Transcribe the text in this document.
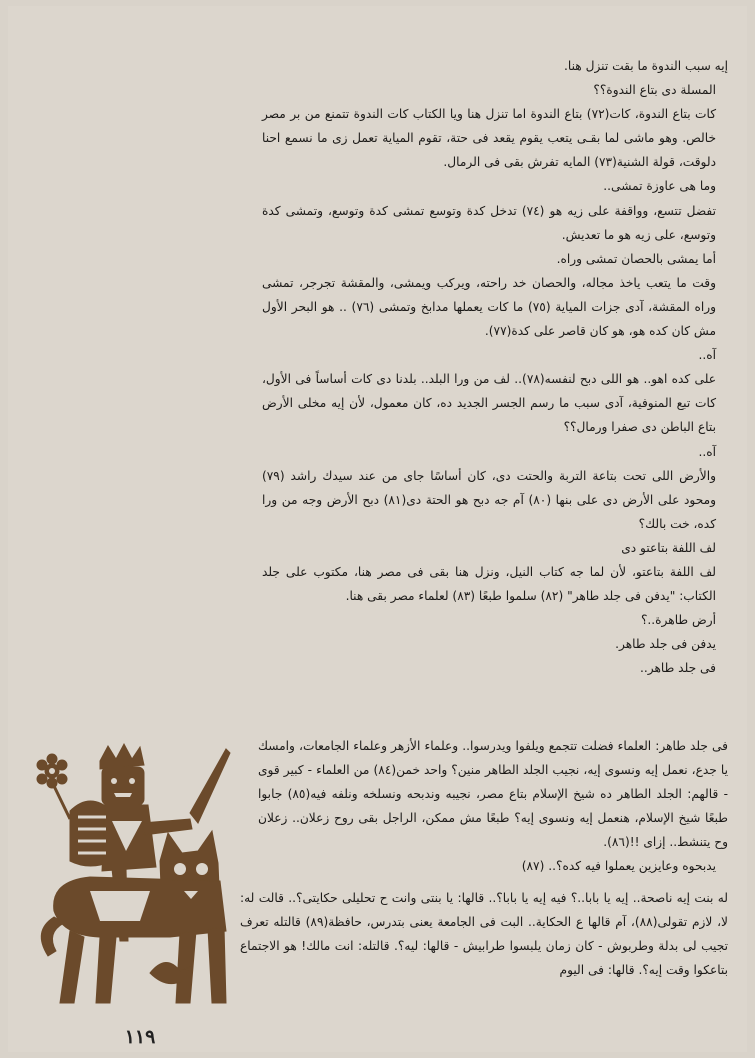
إيه سبب الندوة ما بقت تنزل هنا.

المسلة دى بتاع الندوة؟؟

كات بتاع الندوة، كات(٧٢) بتاع الندوة اما تنزل هنا ويا الكتاب كات الندوة تتمنع من بر مصر خالص. وهو ماشى لما بقـى يتعب يقوم يقعد فى حتة، تقوم المياية تعمل زى ما نسمع احنا دلوقت، قولة الشنية(٧٣) المايه تفرش بقى فى الرمال.

وما هى عاوزة تمشى..

تفضل تتسع، وواقفة على زيه هو (٧٤) تدخل كدة وتوسع تمشى كدة وتوسع، وتمشى كدة وتوسع، على زيه هو ما تعديش.

أما يمشى بالحصان تمشى وراه.

وقت ما يتعب ياخذ مجاله، والحصان خد راحته، ويركب ويمشى، والمقشة تجرجر، تمشى وراه المقشة، آدى جزات المياية (٧٥) ما كات يعملها مدابخ وتمشى (٧٦) .. هو البحر الأول مش كان كده هو، هو كان قاصر على كدة(٧٧).

آه..

على كده اهو.. هو اللى دبح لنفسه(٧٨).. لف من ورا البلد.. بلدنا دى كات أساساً فى الأول، كات تبع المنوفية، آدى سبب ما رسم الجسر الجديد ده، كان معمول، لأن إيه مخلى الأرض بتاع الباطن دى صفرا ورمال؟؟

آه..

والأرض اللى تحت بتاعة التربة والحتت دى، كان أساسًا جاى من عند سيدك راشد (٧٩) ومحود على الأرض دى على بنها (٨٠) آم جه دبح هو الحتة دى(٨١) دبح الأرض وجه من ورا كده، خت بالك؟

لف اللفة بتاعتو دى

لف اللفة بتاعتو، لأن لما جه كتاب النيل، ونزل هنا بقى فى مصر هنا، مكتوب على جلد الكتاب: "يدفن فى جلد طاهر" (٨٢) سلموا طبعًا (٨٣) لعلماء مصر بقى هنا.

أرض طاهرة..؟

يدفن فى جلد طاهر.

فى جلد طاهر..

فى جلد طاهر: العلماء فضلت تتجمع ويلفوا ويدرسوا.. وعلماء الأزهر وعلماء الجامعات، وامسك يا جدع، نعمل إيه ونسوى إيه، نجيب الجلد الطاهر منين؟ واحد خمن(٨٤) من العلماء - كبير قوى - قالهم: الجلد الطاهر ده شيخ الإسلام بتاع مصر، نجيبه وندبحه ونسلخه ونلفه فيه(٨٥) جابوا طبعًا شيخ الإسلام، هنعمل إيه ونسوى إيه؟ طبعًا مش ممكن، الراجل بقى روح زعلان.. زعلان وح يتنشط.. إزاى !!(٨٦).

يدبحوه وعايزين يعملوا فيه كده؟.. (٨٧)

له بنت إيه ناصحة.. إيه يا بابا..؟ فيه إيه يا بابا؟.. قالها: يا بنتى وانت ح تحليلى حكايتى؟.. قالت له: لا، لازم تقولى(٨٨)، آم قالها ع الحكاية.. البت فى الجامعة يعنى بتدرس، حافظة(٨٩) قالتله تعرف تجيب لى بدلة وطربوش - كان زمان يلبسوا طرابيش - قالها: ليه؟. قالتله: انت مالك! هو الاجتماع بتاعكوا وقت إيه؟. قالها: فى اليوم

١١٩
